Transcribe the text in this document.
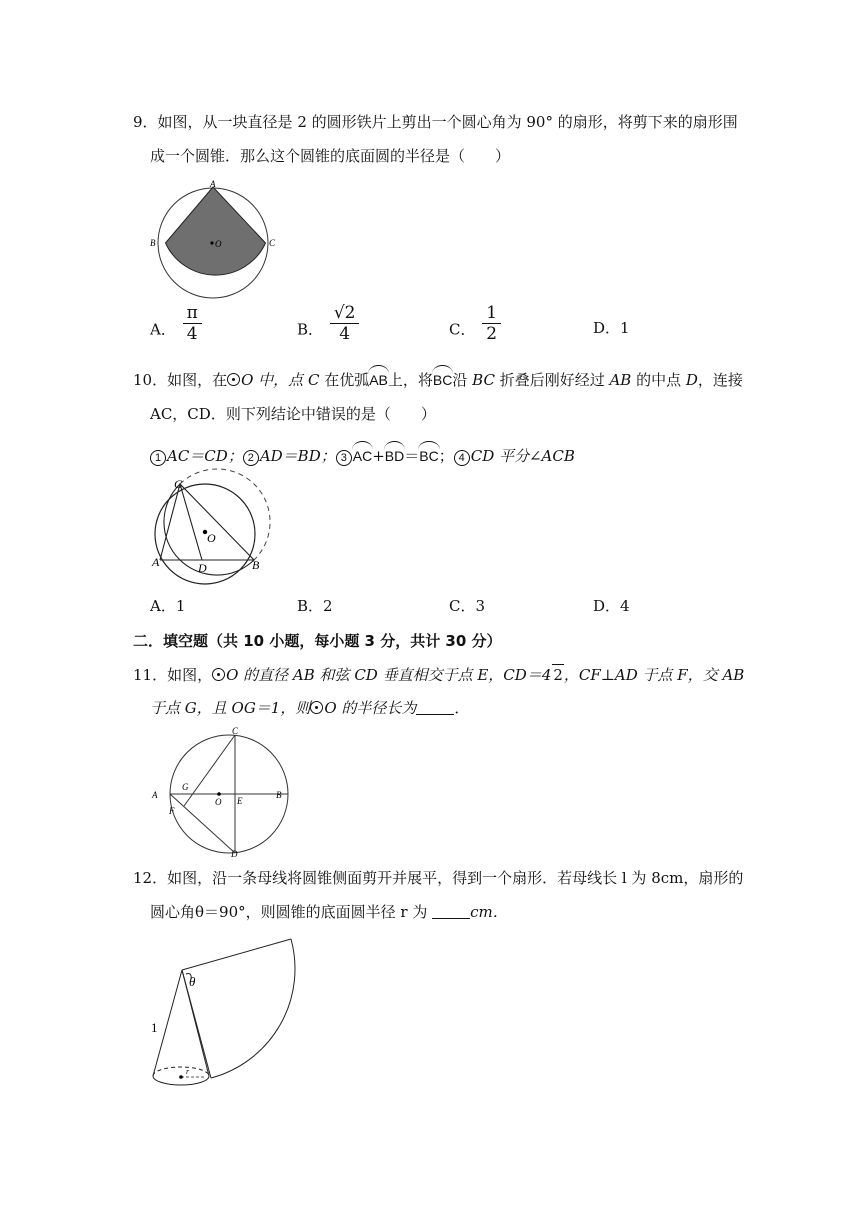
9．如图，从一块直径是 2 的圆形铁片上剪出一个圆心角为 90° 的扇形，将剪下来的扇形围
成一个圆锥．那么这个圆锥的底面圆的半径是（　　）
A
B	C
O
A． $\frac{\pi}{4}$	B． $\frac{√2}{4}$	C． $\frac{1}{2}$	D．1
10．如图，在 O 中，点 C 在优弧AB上，将BC沿 BC 折叠后刚好经过 AB 的中点 D，连接
AC，CD．则下列结论中错误的是（　　）
1 AC＝CD； 2 AD＝BD； 3 AC+BD＝BC； 4 CD 平分∠ACB
C
O
A	D	B
A．1	B．2	C．3	D．4
二．填空题（共 10 小题，每小题 3 分，共计 30 分）
11．如图， O 的直径 AB 和弦 CD 垂直相交于点 E，CD＝4 2，CF⊥AD 于点 F，交 AB
于点 G，且 OG＝1，则 O 的半径长为	．
C
G
A
O E
B
F
D
12．如图，沿一条母线将圆锥侧面剪开并展平，得到一个扇形．若母线长 l 为 8cm，扇形的
圆心角θ＝90°，则圆锥的底面圆半径 r 为	cm．
θ
1
r
